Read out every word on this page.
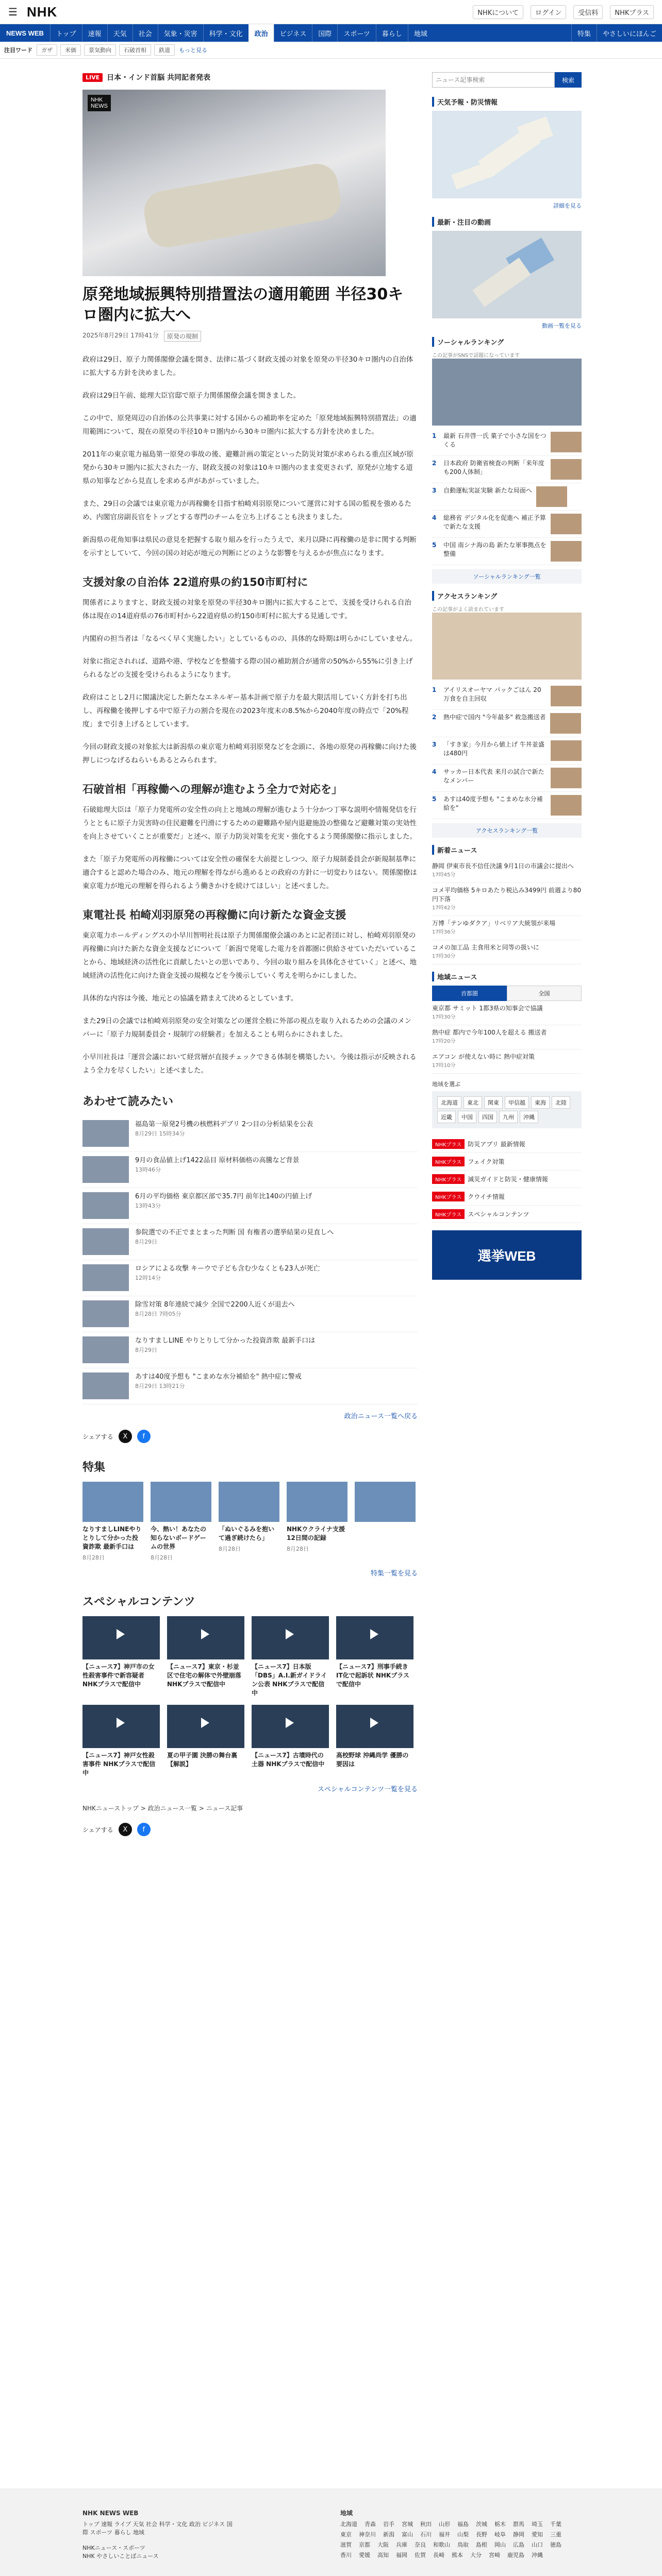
☰ NHK	NHKについて	ログイン	受信料	NHKプラス
NEWS WEB	トップ	速報	天気	社会	気象・災害	科学・文化	政治	ビジネス	国際	スポーツ	暮らし	地域	特集	やさしいにほんご
注目ワード	ガザ	米価	景気動向	石破首相	鉄道	もっと見る
LIVE	日本・インド首脳 共同記者発表
NHK
NEWS
原発地域振興特別措置法の適用範囲 半径30キロ圏内に拡大へ
2025年8月29日 17時41分	原発の規制

政府は29日、原子力関係閣僚会議を開き、法律に基づく財政支援の対象を原発の半径30キロ圏内の自治体に拡大する方針を決めました。

政府は29日午前、総理大臣官邸で原子力関係閣僚会議を開きました。

この中で、原発周辺の自治体の公共事業に対する国からの補助率を定めた「原発地域振興特別措置法」の適用範囲について、現在の原発の半径10キロ圏内から30キロ圏内に拡大する方針を決めました。

2011年の東京電力福島第一原発の事故の後、避難計画の策定といった防災対策が求められる重点区域が原発から30キロ圏内に拡大された一方、財政支援の対象は10キロ圏内のまま変更されず、原発が立地する道県の知事などから見直しを求める声があがっていました。

また、29日の会議では東京電力が再稼働を目指す柏崎刈羽原発について運営に対する国の監視を強めるため、内閣官房副長官をトップとする専門のチームを立ち上げることも決まりました。

新潟県の花角知事は県民の意見を把握する取り組みを行ったうえで、来月以降に再稼働の是非に関する判断を示すとしていて、今回の国の対応が地元の判断にどのような影響を与えるかが焦点になります。

支援対象の自治体 22道府県の約150市町村に

関係者によりますと、財政支援の対象を原発の半径30キロ圏内に拡大することで、支援を受けられる自治体は現在の14道府県の76市町村から22道府県の約150市町村に拡大する見通しです。

内閣府の担当者は「なるべく早く実施したい」としているものの、具体的な時期は明らかにしていません。

対象に指定されれば、道路や港、学校などを整備する際の国の補助割合が通常の50%から55%に引き上げられるなどの支援を受けられるようになります。

政府はことし2月に閣議決定した新たなエネルギー基本計画で原子力を最大限活用していく方針を打ち出し、再稼働を後押しする中で原子力の割合を現在の2023年度末の8.5%から2040年度の時点で「20%程度」まで引き上げるとしています。

今回の財政支援の対象拡大は新潟県の東京電力柏崎刈羽原発などを念頭に、各地の原発の再稼働に向けた後押しにつなげるねらいもあるとみられます。

石破首相「再稼働への理解が進むよう全力で対応を」

石破総理大臣は「原子力発電所の安全性の向上と地域の理解が進むよう十分かつ丁寧な説明や情報発信を行うとともに原子力災害時の住民避難を円滑にするための避難路や屋内退避施設の整備など避難対策の実効性を向上させていくことが重要だ」と述べ、原子力防災対策を充実・強化するよう関係閣僚に指示しました。

また「原子力発電所の再稼働については安全性の確保を大前提としつつ、原子力規制委員会が新規制基準に適合すると認めた場合のみ、地元の理解を得ながら進めるとの政府の方針に一切変わりはない。関係閣僚は東京電力が地元の理解を得られるよう働きかけを続けてほしい」と述べました。

東電社長 柏崎刈羽原発の再稼働に向け新たな資金支援

東京電力ホールディングスの小早川智明社長は原子力関係閣僚会議のあとに記者団に対し、柏崎刈羽原発の再稼働に向けた新たな資金支援などについて「新潟で発電した電力を首都圏に供給させていただいていることから、地域経済の活性化に貢献したいとの思いであり、今回の取り組みを具体化させていく」と述べ、地域経済の活性化に向けた資金支援の規模などを今後示していく考えを明らかにしました。

具体的な内容は今後、地元との協議を踏まえて決めるとしています。

また29日の会議では柏崎刈羽原発の安全対策などの運営全般に外部の視点を取り入れるための会議のメンバーに「原子力規制委員会・規制庁の経験者」を加えることも明らかにされました。

小早川社長は「運営会議において経営層が直接チェックできる体制を構築したい。今後は指示が反映されるよう全力を尽くしたい」と述べました。

あわせて読みたい
福島第一原発2号機の核燃料デブリ 2つ目の分析結果を公表
8月29日 15時34分
9月の食品値上げ1422品目 原材料価格の高騰など背景
13時46分
6月の平均価格 東京都区部で35.7円 前年比140の円値上げ
13時43分
参院選での不正でまとまった判断 国 有権者の選挙結果の見直しへ
8月29日
ロシアによる攻撃 キーウで子ども含む少なくとも23人が死亡
12時14分
除雪対策 8年連続で減少 全国で2200人近くが退去へ
8月28日 7時05分
なりすましLINE やりとりして分かった投資詐欺 最新手口は
8月29日
あすは40度予想も "こまめな水分補給を" 熱中症に警戒
8月29日 13時21分
政治ニュース一覧へ戻る
シェアする	X	f
特集
なりすましLINEやりとりして分かった投資詐欺 最新手口は
8月28日
今、熱い！あなたの知らないボードゲームの世界
8月28日
「ぬいぐるみを抱いて過ぎ続けたら」
8月28日
NHKウクライナ支援12日間の記録
8月28日
特集一覧を見る
スペシャルコンテンツ
【ニュース7】神戸市の女性殺害事件で新容疑者 NHKプラスで配信中
【ニュース7】東京・杉並区で住宅の解体で外壁崩落 NHKプラスで配信中
【ニュース7】日本版「DBS」A.I.新ガイドライン公表 NHKプラスで配信中
【ニュース7】刑事手続き IT化で起訴状 NHKプラスで配信中
【ニュース7】神戸女性殺害事件 NHKプラスで配信中
夏の甲子園 決勝の舞台裏【解説】
【ニュース7】古墳時代の土器 NHKプラスで配信中
高校野球 沖縄尚学 優勝の要因は
スペシャルコンテンツ一覧を見る
NHKニューストップ > 政治ニュース一覧 > ニュース記事
シェアする	X	f
ニュース記事検索
検索
天気予報・防災情報
詳細を見る
最新・注目の動画
動画一覧を見る
ソーシャルランキング
この記事がSNSで話題になっています
1	最新 石井啓一氏 菓子で小さな国をつくる
2	日本政府 防衛省検査の判断「来年度も200人体制」
3	自動運転実証実験 新たな局面へ
4	総務省 デジタル化を促進へ 補正予算で新たな支援
5	中国 南シナ海の島 新たな軍事拠点を整備
ソーシャルランキング一覧
アクセスランキング
この記事がよく読まれています
1	アイリスオーヤマ パックごはん 20万食を自主回収
2	熱中症で国内 "今年最多" 救急搬送者
3	「すき家」今月から値上げ 牛丼並盛は480円
4	サッカー日本代表 来月の試合で新たなメンバー
5	あすは40度予想も "こまめな水分補給を"
アクセスランキング一覧
新着ニュース
静岡 伊東市長不信任決議 9月1日の市議会に提出へ
17時45分
コメ平均価格 5キロあたり税込み3499円 前週より80円下落
17時42分
万博「テンゆダクア」リベリア大統領が来場
17時36分
コメの加工品 主食用米と同等の扱いに
17時30分
地域ニュース
首都圏	全国
東京都 サミット 1都3県の知事会で協議
17時30分
熱中症 都内で今年100人を超える 搬送者
17時20分
エアコン が使えない時に 熱中症対策
17時10分
地域を選ぶ
北海道	東北	関東	甲信越	東海	北陸
近畿	中国	四国	九州	沖縄
NHKプラス	防災アプリ 最新情報
NHKプラス	フェイク対策
NHKプラス	減災ガイドと防災・健康情報
NHKプラス	クウイチ情報
NHKプラス	スペシャルコンテンツ
選挙WEB
NHK NEWS WEB
トップ 速報 ライブ 天気 社会 科学・文化 政治 ビジネス 国際 スポーツ 暮らし 地域
NHKニュース・スポーツ
NHK やさしいことばニュース
地域
北海道 青森 岩手 宮城 秋田 山形 福島 茨城 栃木 群馬 埼玉 千葉
東京 神奈川 新潟 富山 石川 福井 山梨 長野 岐阜 静岡 愛知 三重
滋賀 京都 大阪 兵庫 奈良 和歌山 鳥取 島根 岡山 広島 山口 徳島
香川 愛媛 高知 福岡 佐賀 長崎 熊本 大分 宮崎 鹿児島 沖縄
